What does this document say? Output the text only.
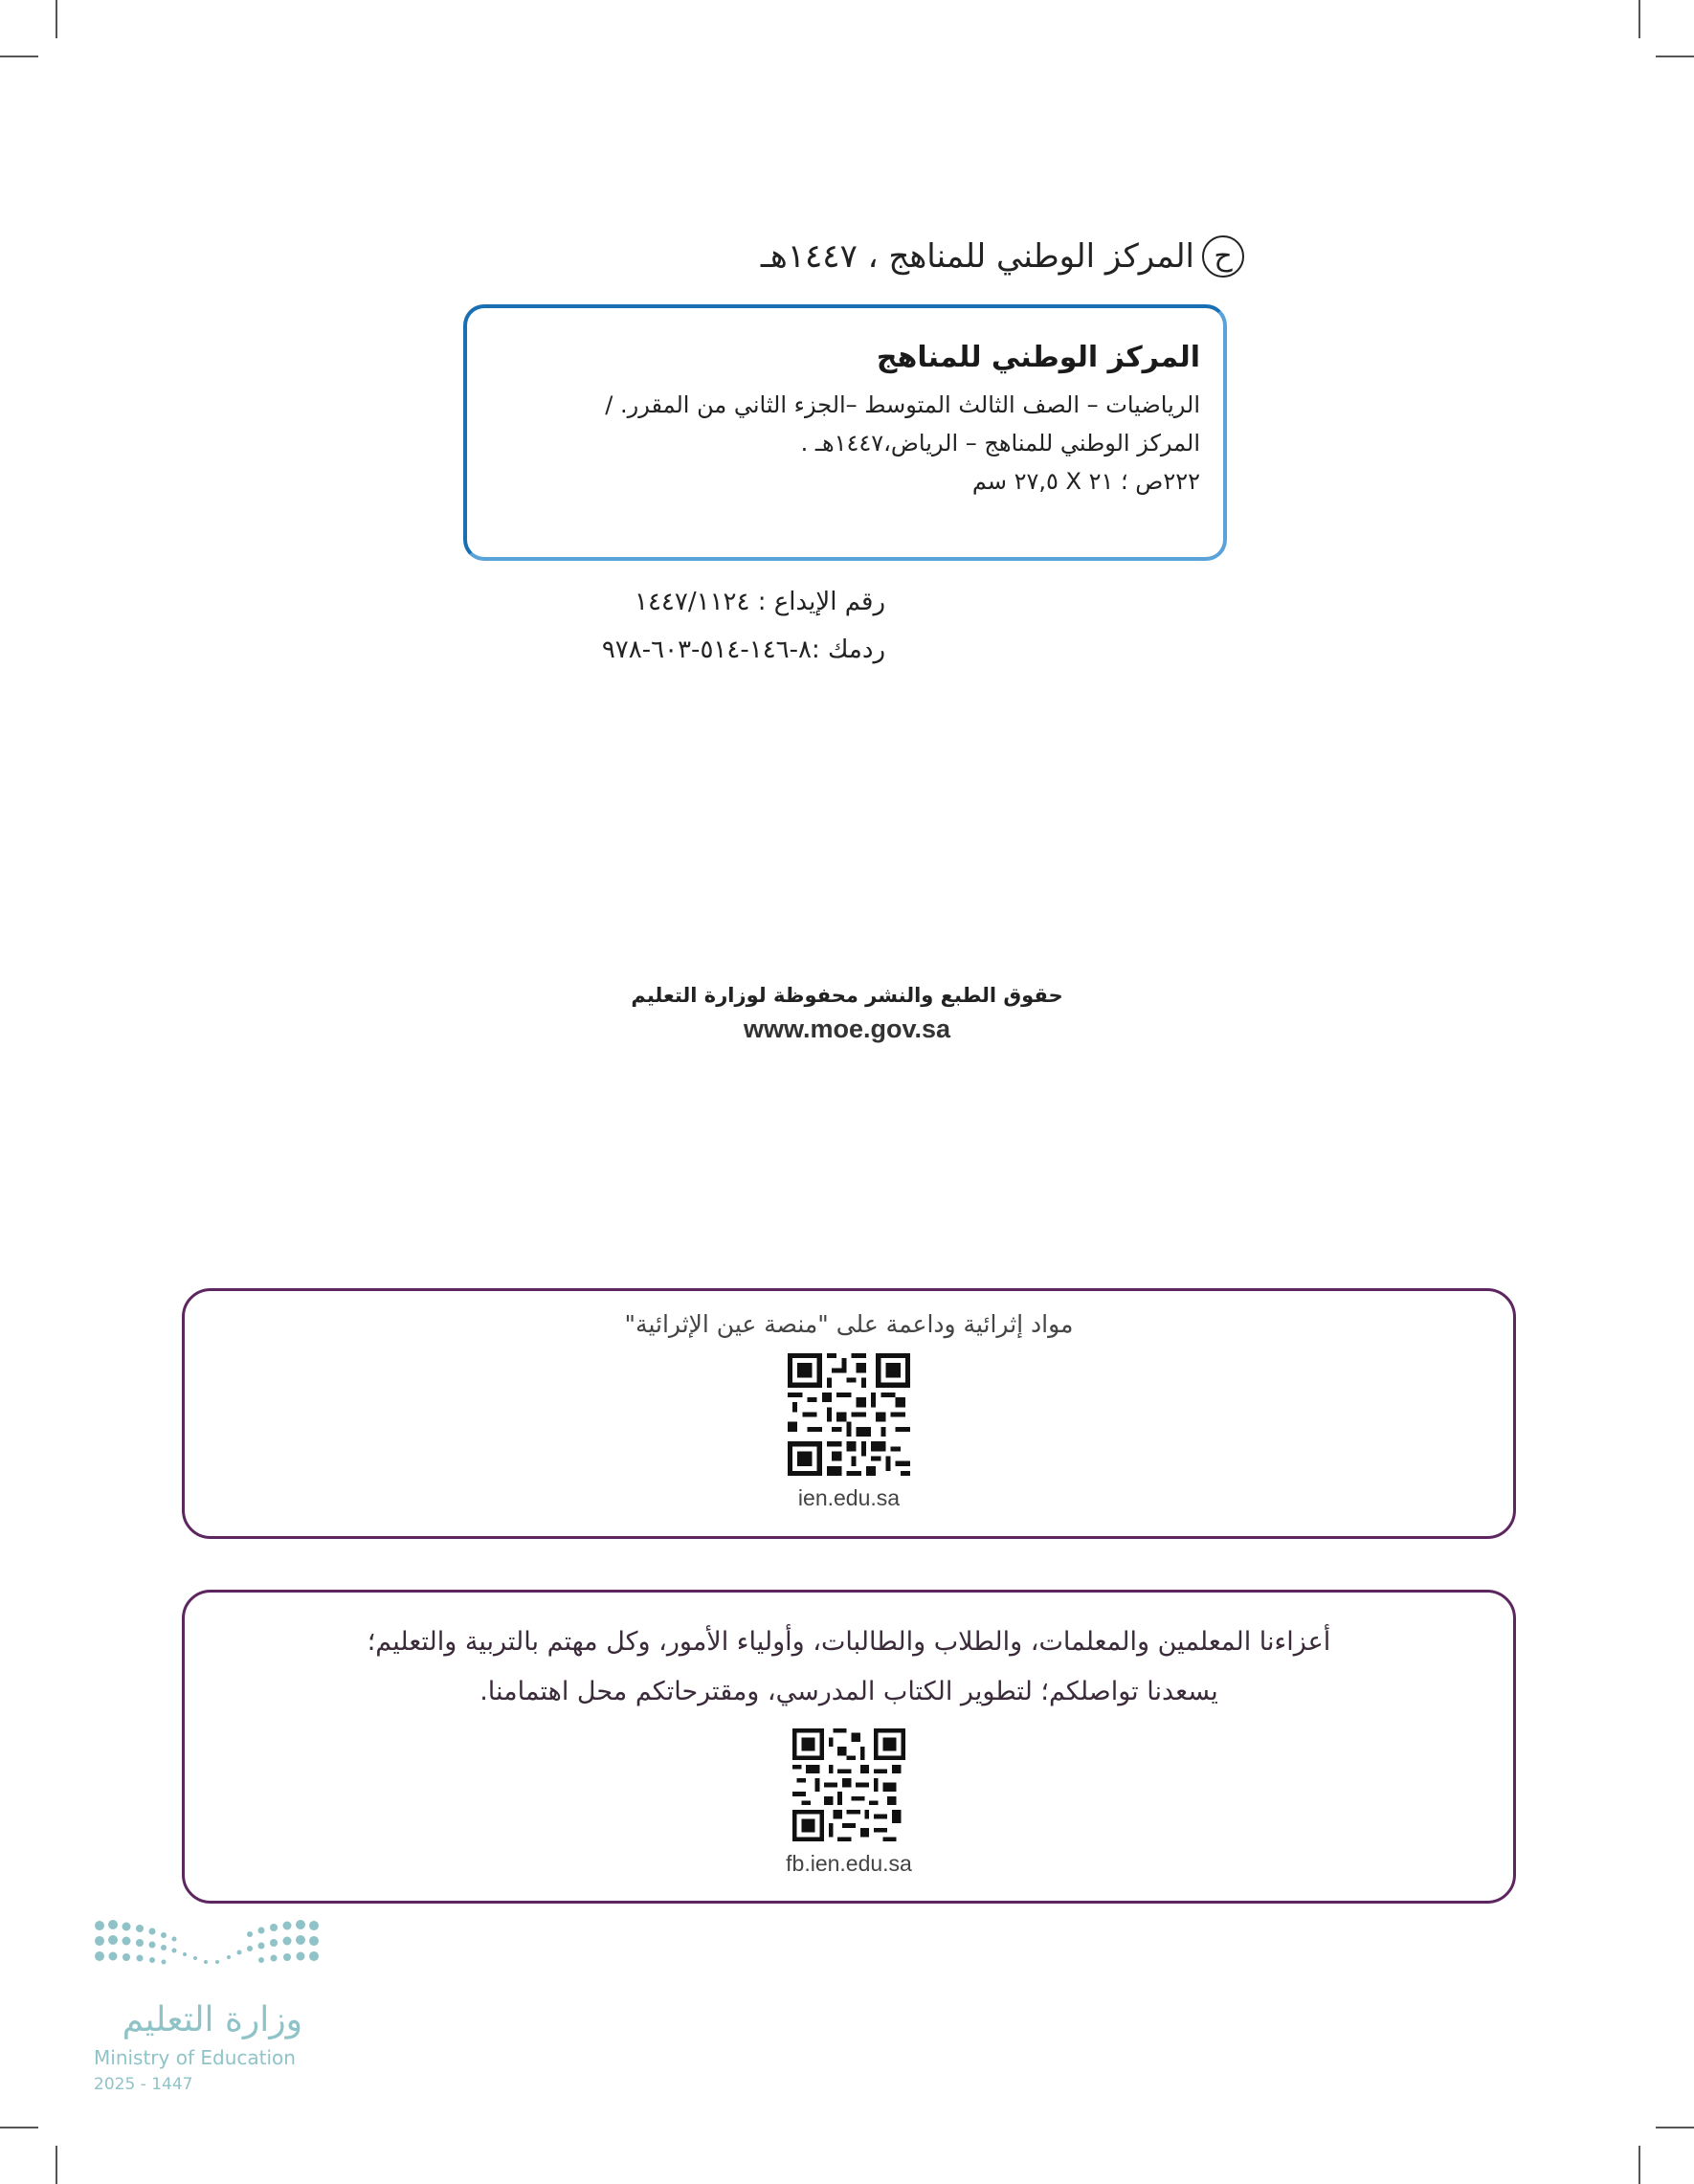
ح
المركز الوطني للمناهج ، ١٤٤٧هـ
المركز الوطني للمناهج
الرياضيات – الصف الثالث المتوسط –الجزء الثاني من المقرر. /
المركز الوطني للمناهج – الرياض،١٤٤٧هـ .
٢٢٢ص ؛ ٢١ X ٢٧,٥ سم
رقم الإيداع : ١٤٤٧/١١٢٤
ردمك :٨-١٤٦-٥١٤-٦٠٣-٩٧٨
حقوق الطبع والنشر محفوظة لوزارة التعليم
www.moe.gov.sa
مواد إثرائية وداعمة على "منصة عين الإثرائية"
ien.edu.sa
أعزاءنا المعلمين والمعلمات، والطلاب والطالبات، وأولياء الأمور، وكل مهتم بالتربية والتعليم؛
يسعدنا تواصلكم؛ لتطوير الكتاب المدرسي، ومقترحاتكم محل اهتمامنا.
fb.ien.edu.sa
وزارة التعليم
Ministry of Education
2025 - 1447
